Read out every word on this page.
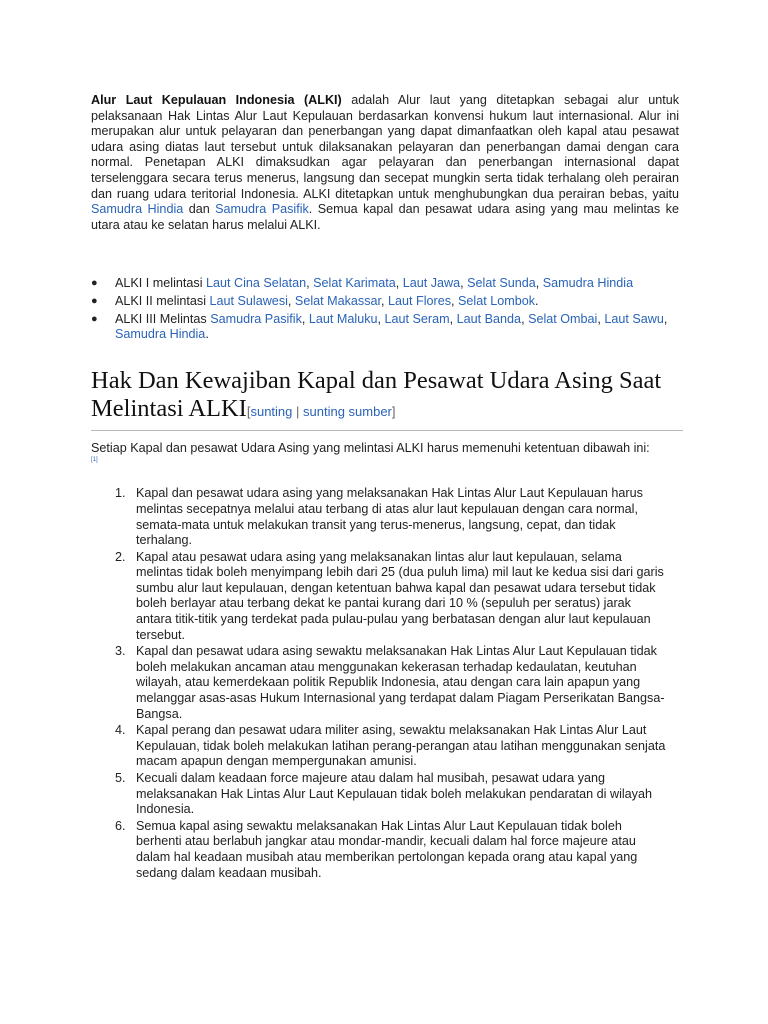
Alur Laut Kepulauan Indonesia (ALKI) adalah Alur laut yang ditetapkan sebagai alur untuk pelaksanaan Hak Lintas Alur Laut Kepulauan berdasarkan konvensi hukum laut internasional. Alur ini merupakan alur untuk pelayaran dan penerbangan yang dapat dimanfaatkan oleh kapal atau pesawat udara asing diatas laut tersebut untuk dilaksanakan pelayaran dan penerbangan damai dengan cara normal. Penetapan ALKI dimaksudkan agar pelayaran dan penerbangan internasional dapat terselenggara secara terus menerus, langsung dan secepat mungkin serta tidak terhalang oleh perairan dan ruang udara teritorial Indonesia. ALKI ditetapkan untuk menghubungkan dua perairan bebas, yaitu Samudra Hindia dan Samudra Pasifik. Semua kapal dan pesawat udara asing yang mau melintas ke utara atau ke selatan harus melalui ALKI.

● ALKI I melintasi Laut Cina Selatan, Selat Karimata, Laut Jawa, Selat Sunda, Samudra Hindia
● ALKI II melintasi Laut Sulawesi, Selat Makassar, Laut Flores, Selat Lombok.
● ALKI III Melintas Samudra Pasifik, Laut Maluku, Laut Seram, Laut Banda, Selat Ombai, Laut Sawu, Samudra Hindia.
Hak Dan Kewajiban Kapal dan Pesawat Udara Asing Saat Melintasi ALKI[sunting | sunting sumber]

Setiap Kapal dan pesawat Udara Asing yang melintasi ALKI harus memenuhi ketentuan dibawah ini:
[1]

1. Kapal dan pesawat udara asing yang melaksanakan Hak Lintas Alur Laut Kepulauan harus melintas secepatnya melalui atau terbang di atas alur laut kepulauan dengan cara normal, semata-mata untuk melakukan transit yang terus-menerus, langsung, cepat, dan tidak terhalang.
2. Kapal atau pesawat udara asing yang melaksanakan lintas alur laut kepulauan, selama melintas tidak boleh menyimpang lebih dari 25 (dua puluh lima) mil laut ke kedua sisi dari garis sumbu alur laut kepulauan, dengan ketentuan bahwa kapal dan pesawat udara tersebut tidak boleh berlayar atau terbang dekat ke pantai kurang dari 10 % (sepuluh per seratus) jarak antara titik-titik yang terdekat pada pulau-pulau yang berbatasan dengan alur laut kepulauan tersebut.
3. Kapal dan pesawat udara asing sewaktu melaksanakan Hak Lintas Alur Laut Kepulauan tidak boleh melakukan ancaman atau menggunakan kekerasan terhadap kedaulatan, keutuhan wilayah, atau kemerdekaan politik Republik Indonesia, atau dengan cara lain apapun yang melanggar asas-asas Hukum Internasional yang terdapat dalam Piagam Perserikatan Bangsa-Bangsa.
4. Kapal perang dan pesawat udara militer asing, sewaktu melaksanakan Hak Lintas Alur Laut Kepulauan, tidak boleh melakukan latihan perang-perangan atau latihan menggunakan senjata macam apapun dengan mempergunakan amunisi.
5. Kecuali dalam keadaan force majeure atau dalam hal musibah, pesawat udara yang melaksanakan Hak Lintas Alur Laut Kepulauan tidak boleh melakukan pendaratan di wilayah Indonesia.
6. Semua kapal asing sewaktu melaksanakan Hak Lintas Alur Laut Kepulauan tidak boleh berhenti atau berlabuh jangkar atau mondar-mandir, kecuali dalam hal force majeure atau dalam hal keadaan musibah atau memberikan pertolongan kepada orang atau kapal yang sedang dalam keadaan musibah.
